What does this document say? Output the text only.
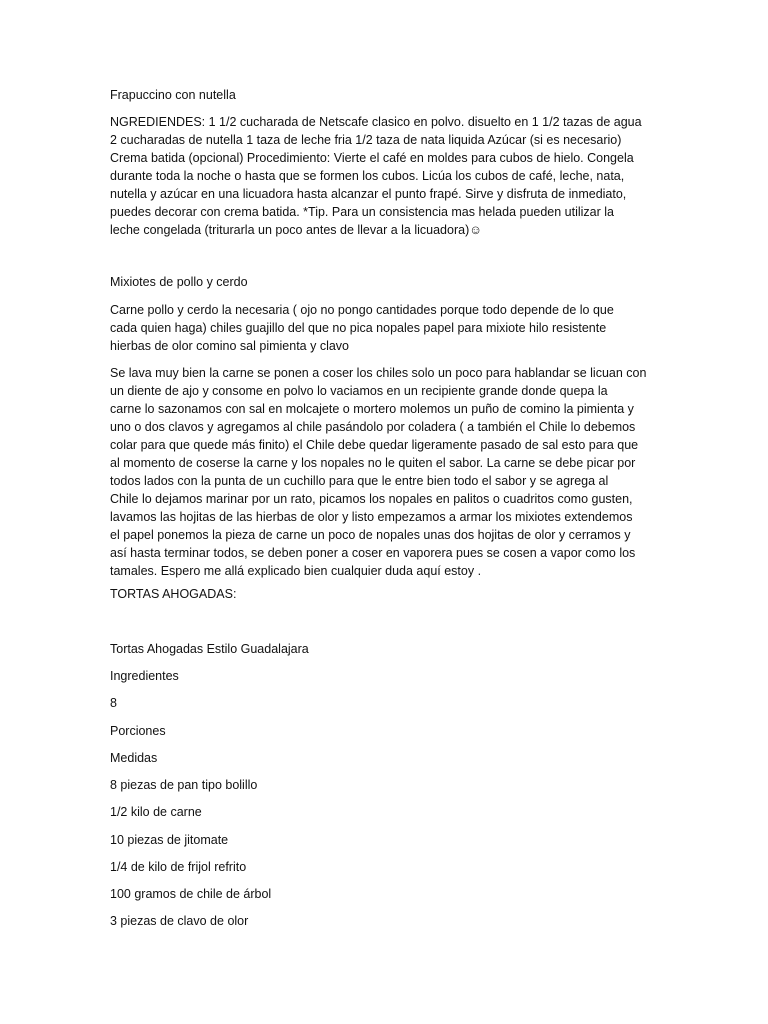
Frapuccino con nutella

NGREDIENDES: 1 1/2 cucharada de Netscafe clasico en polvo. disuelto en 1 1/2 tazas de agua
2 cucharadas de nutella 1 taza de leche fria 1/2 taza de nata liquida Azúcar (si es necesario)
Crema batida (opcional) Procedimiento: Vierte el café en moldes para cubos de hielo. Congela
durante toda la noche o hasta que se formen los cubos. Licúa los cubos de café, leche, nata,
nutella y azúcar en una licuadora hasta alcanzar el punto frapé. Sirve y disfruta de inmediato,
puedes decorar con crema batida. *Tip. Para un consistencia mas helada pueden utilizar la
leche congelada (triturarla un poco antes de llevar a la licuadora)☺

Mixiotes de pollo y cerdo

Carne pollo y cerdo la necesaria ( ojo no pongo cantidades porque todo depende de lo que
cada quien haga) chiles guajillo del que no pica nopales papel para mixiote hilo resistente
hierbas de olor comino sal pimienta y clavo
Se lava muy bien la carne se ponen a coser los chiles solo un poco para hablandar se licuan con
un diente de ajo y consome en polvo lo vaciamos en un recipiente grande donde quepa la
carne lo sazonamos con sal en molcajete o mortero molemos un puño de comino la pimienta y
uno o dos clavos y agregamos al chile pasándolo por coladera ( a también el Chile lo debemos
colar para que quede más finito) el Chile debe quedar ligeramente pasado de sal esto para que
al momento de coserse la carne y los nopales no le quiten el sabor. La carne se debe picar por
todos lados con la punta de un cuchillo para que le entre bien todo el sabor y se agrega al
Chile lo dejamos marinar por un rato, picamos los nopales en palitos o cuadritos como gusten,
lavamos las hojitas de las hierbas de olor y listo empezamos a armar los mixiotes extendemos
el papel ponemos la pieza de carne un poco de nopales unas dos hojitas de olor y cerramos y
así hasta terminar todos, se deben poner a coser en vaporera pues se cosen a vapor como los
tamales. Espero me allá explicado bien cualquier duda aquí estoy .

TORTAS AHOGADAS:

Tortas Ahogadas Estilo Guadalajara

Ingredientes

8

Porciones

Medidas

8 piezas de pan tipo bolillo

1/2 kilo de carne

10 piezas de jitomate

1/4 de kilo de frijol refrito

100 gramos de chile de árbol

3 piezas de clavo de olor
